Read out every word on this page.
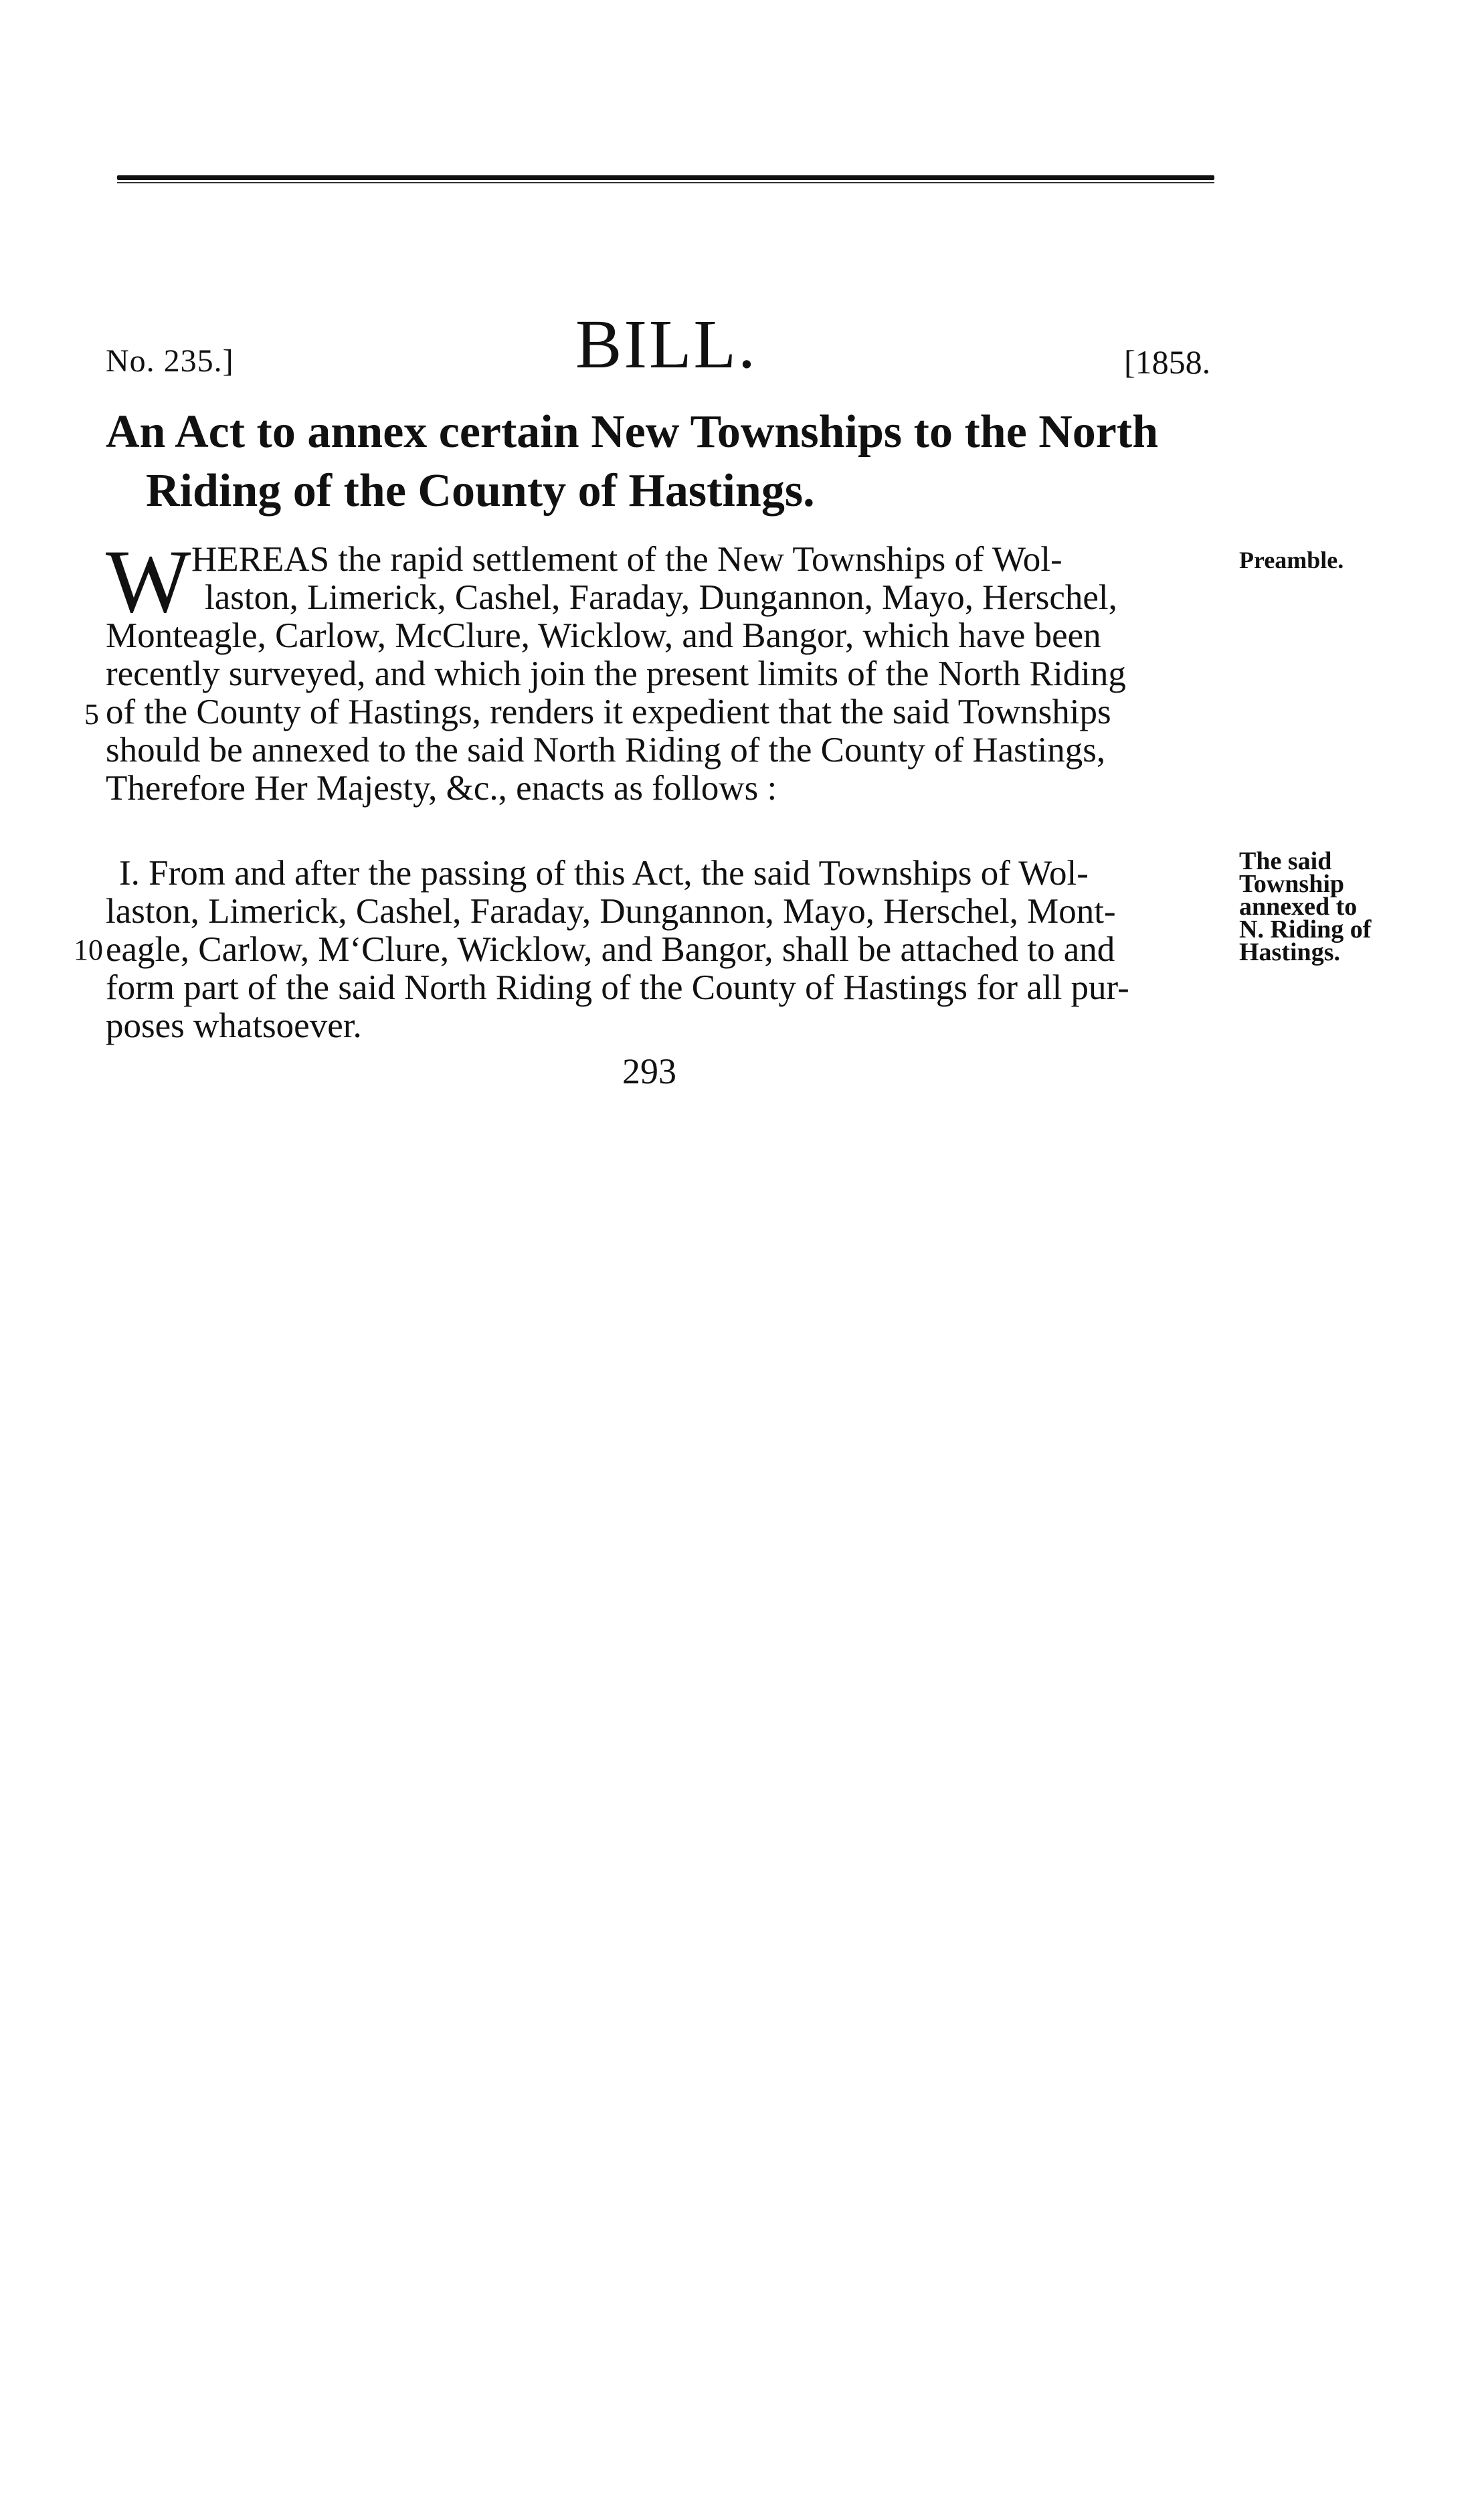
No. 235.]	BILL.	[1858.
An Act to annex certain New Townships to the North
Riding of the County of Hastings.
W HEREAS the rapid settlement of the New Townships of Wol-
laston, Limerick, Cashel, Faraday, Dungannon, Mayo, Herschel,
Monteagle, Carlow, McClure, Wicklow, and Bangor, which have been
recently surveyed, and which join the present limits of the North Riding
of the County of Hastings, renders it expedient that the said Townships
should be annexed to the said North Riding of the County of Hastings,
Therefore Her Majesty, &c., enacts as follows :
I. From and after the passing of this Act, the said Townships of Wol-
laston, Limerick, Cashel, Faraday, Dungannon, Mayo, Herschel, Mont-
eagle, Carlow, M‘Clure, Wicklow, and Bangor, shall be attached to and
form part of the said North Riding of the County of Hastings for all pur-
poses whatsoever.
5
10
Preamble.
The said
Township
annexed to
N. Riding of
Hastings.
293
